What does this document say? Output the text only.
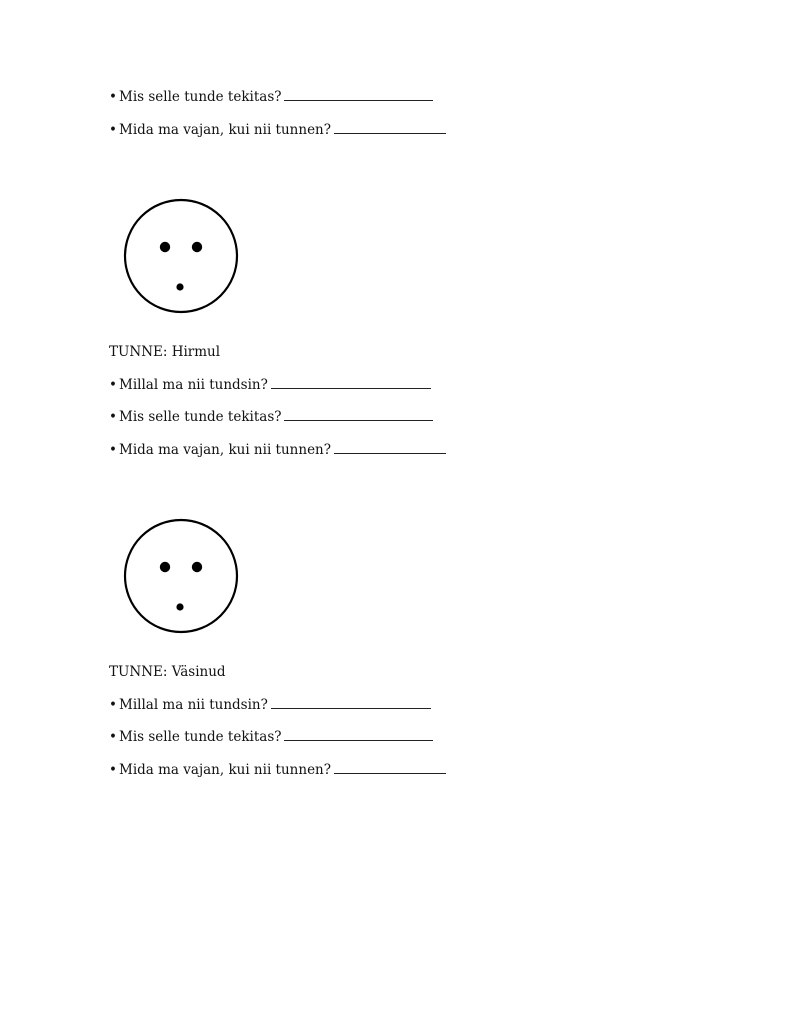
• Mis selle tunde tekitas?
• Mida ma vajan, kui nii tunnen?
TUNNE: Hirmul
• Millal ma nii tundsin?
• Mis selle tunde tekitas?
• Mida ma vajan, kui nii tunnen?
TUNNE: Väsinud
• Millal ma nii tundsin?
• Mis selle tunde tekitas?
• Mida ma vajan, kui nii tunnen?
